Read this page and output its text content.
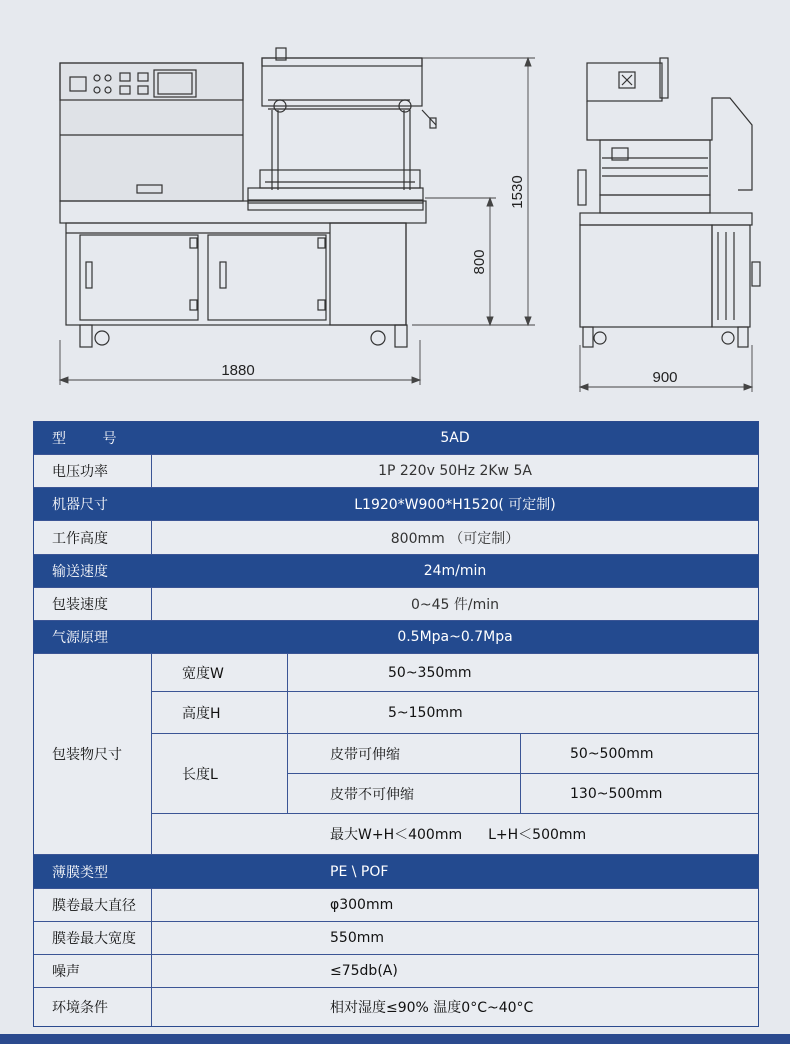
1530
800
1880	900
型 号	5AD
电压功率	1P 220v 50Hz 2Kw 5A
机器尺寸	L1920*W900*H1520( 可定制)
工作高度	800mm （可定制）
输送速度	24m/min
包装速度	0~45 件/min
气源原理	0.5Mpa~0.7Mpa
包装物尺寸
宽度W	50~350mm
高度H	5~150mm
长度L
皮带可伸缩	50~500mm
皮带不可伸缩	130~500mm
最大W+H＜400mm L+H＜500mm
薄膜类型	PE \ POF
膜卷最大直径	φ300mm
膜卷最大宽度	550mm
噪声	≤75db(A)
环境条件	相对湿度≤90% 温度0°C~40°C
